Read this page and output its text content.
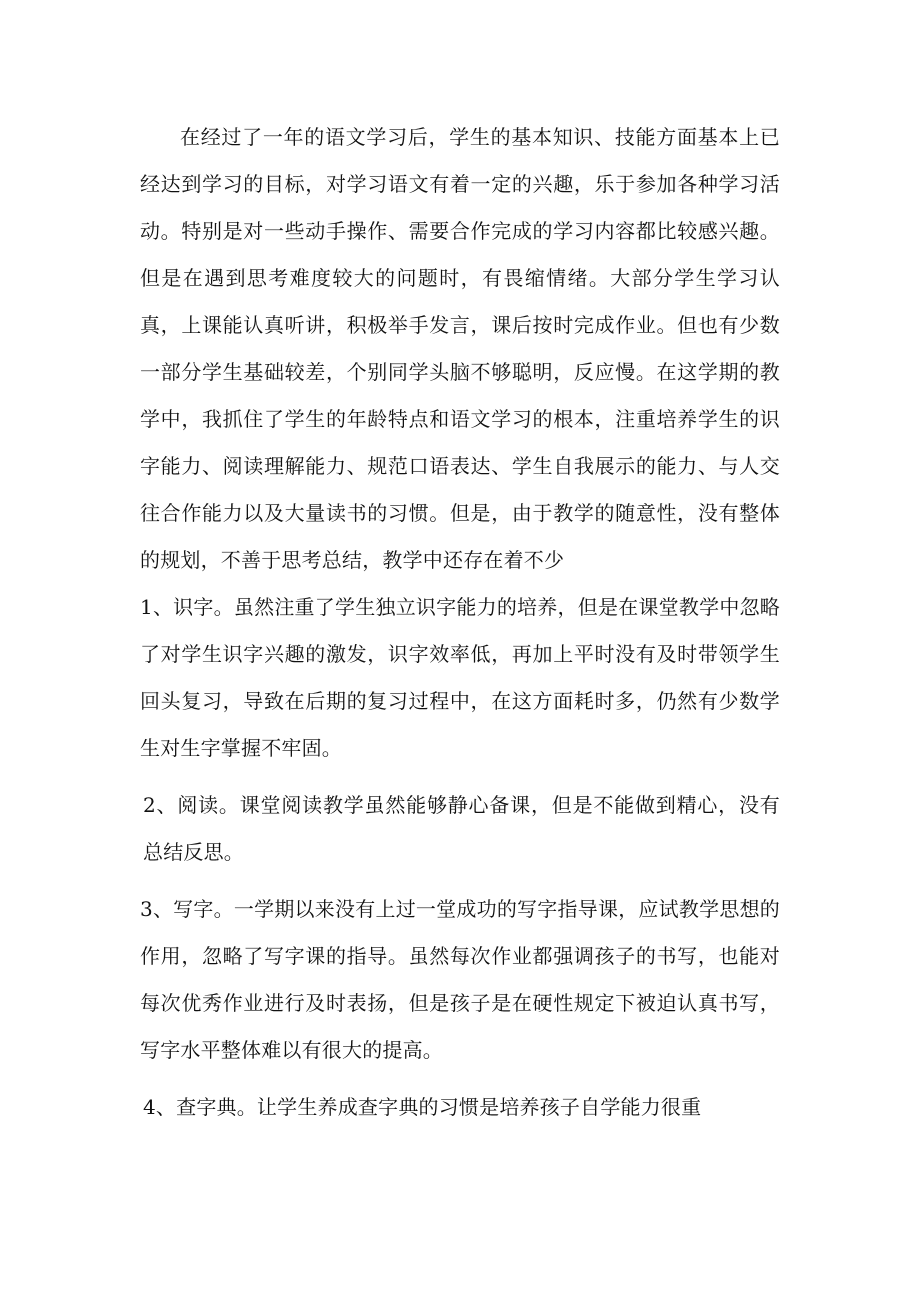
在经过了一年的语文学习后，学生的基本知识、技能方面基本上已经达到学习的目标，对学习语文有着一定的兴趣，乐于参加各种学习活动。特别是对一些动手操作、需要合作完成的学习内容都比较感兴趣。但是在遇到思考难度较大的问题时，有畏缩情绪。大部分学生学习认真，上课能认真听讲，积极举手发言，课后按时完成作业。但也有少数一部分学生基础较差，个别同学头脑不够聪明，反应慢。在这学期的教学中，我抓住了学生的年龄特点和语文学习的根本，注重培养学生的识字能力、阅读理解能力、规范口语表达、学生自我展示的能力、与人交往合作能力以及大量读书的习惯。但是，由于教学的随意性，没有整体的规划，不善于思考总结，教学中还存在着不少

1、识字。虽然注重了学生独立识字能力的培养，但是在课堂教学中忽略了对学生识字兴趣的激发，识字效率低，再加上平时没有及时带领学生回头复习，导致在后期的复习过程中，在这方面耗时多，仍然有少数学生对生字掌握不牢固。

2、阅读。课堂阅读教学虽然能够静心备课，但是不能做到精心，没有总结反思。

3、写字。一学期以来没有上过一堂成功的写字指导课，应试教学思想的作用，忽略了写字课的指导。虽然每次作业都强调孩子的书写，也能对每次优秀作业进行及时表扬，但是孩子是在硬性规定下被迫认真书写，写字水平整体难以有很大的提高。

4、查字典。让学生养成查字典的习惯是培养孩子自学能力很重
